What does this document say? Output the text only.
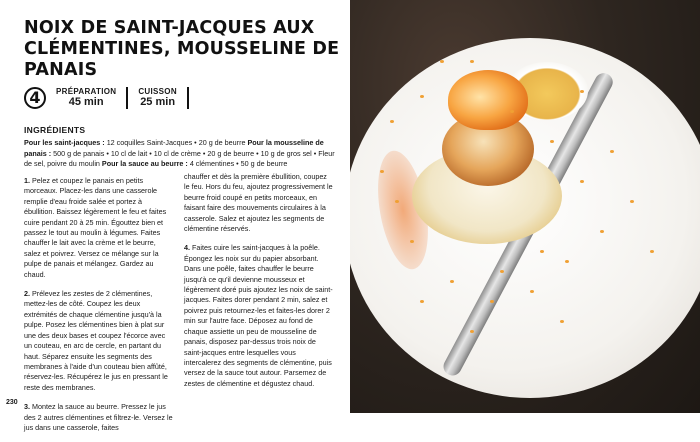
NOIX DE SAINT-JACQUES AUX CLÉMENTINES, MOUSSELINE DE PANAIS
4	PRÉPARATION
45 min
CUISSON
25 min
INGRÉDIENTS
Pour les saint-jacques : 12 coquilles Saint-Jacques • 20 g de beurre Pour la mousseline de panais : 500 g de panais • 10 cl de lait • 10 cl de crème • 20 g de beurre • 10 g de gros sel • Fleur de sel, poivre du moulin Pour la sauce au beurre : 4 clémentines • 50 g de beurre

1. Pelez et coupez le panais en petits morceaux. Placez-les dans une casserole remplie d'eau froide salée et portez à ébullition. Baissez légèrement le feu et faites cuire pendant 20 à 25 min. Égouttez bien et passez le tout au moulin à légumes. Faites chauffer le lait avec la crème et le beurre, salez et poivrez. Versez ce mélange sur la pulpe de panais et mélangez. Gardez au chaud.

2. Prélevez les zestes de 2 clémentines, mettez-les de côté. Coupez les deux extrémités de chaque clémentine jusqu'à la pulpe. Posez les clémentines bien à plat sur une des deux bases et coupez l'écorce avec un couteau, en arc de cercle, en partant du haut. Séparez ensuite les segments des membranes à l'aide d'un couteau bien affûté, réservez-les. Récupérez le jus en pressant le reste des membranes.

3. Montez la sauce au beurre. Pressez le jus des 2 autres clémentines et filtrez-le. Versez le jus dans une casserole, faites

chauffer et dès la première ébullition, coupez le feu. Hors du feu, ajoutez progressivement le beurre froid coupé en petits morceaux, en faisant faire des mouvements circulaires à la casserole. Salez et ajoutez les segments de clémentine réservés.

4. Faites cuire les saint-jacques à la poêle. Épongez les noix sur du papier absorbant. Dans une poêle, faites chauffer le beurre jusqu'à ce qu'il devienne mousseux et légèrement doré puis ajoutez les noix de saint-jacques. Faites dorer pendant 2 min, salez et poivrez puis retournez-les et faites-les dorer 2 min sur l'autre face. Déposez au fond de chaque assiette un peu de mousseline de panais, disposez par-dessus trois noix de saint-jacques entre lesquelles vous intercalerez des segments de clémentine, puis versez de la sauce tout autour. Parsemez de zestes de clémentine et dégustez chaud.

230
